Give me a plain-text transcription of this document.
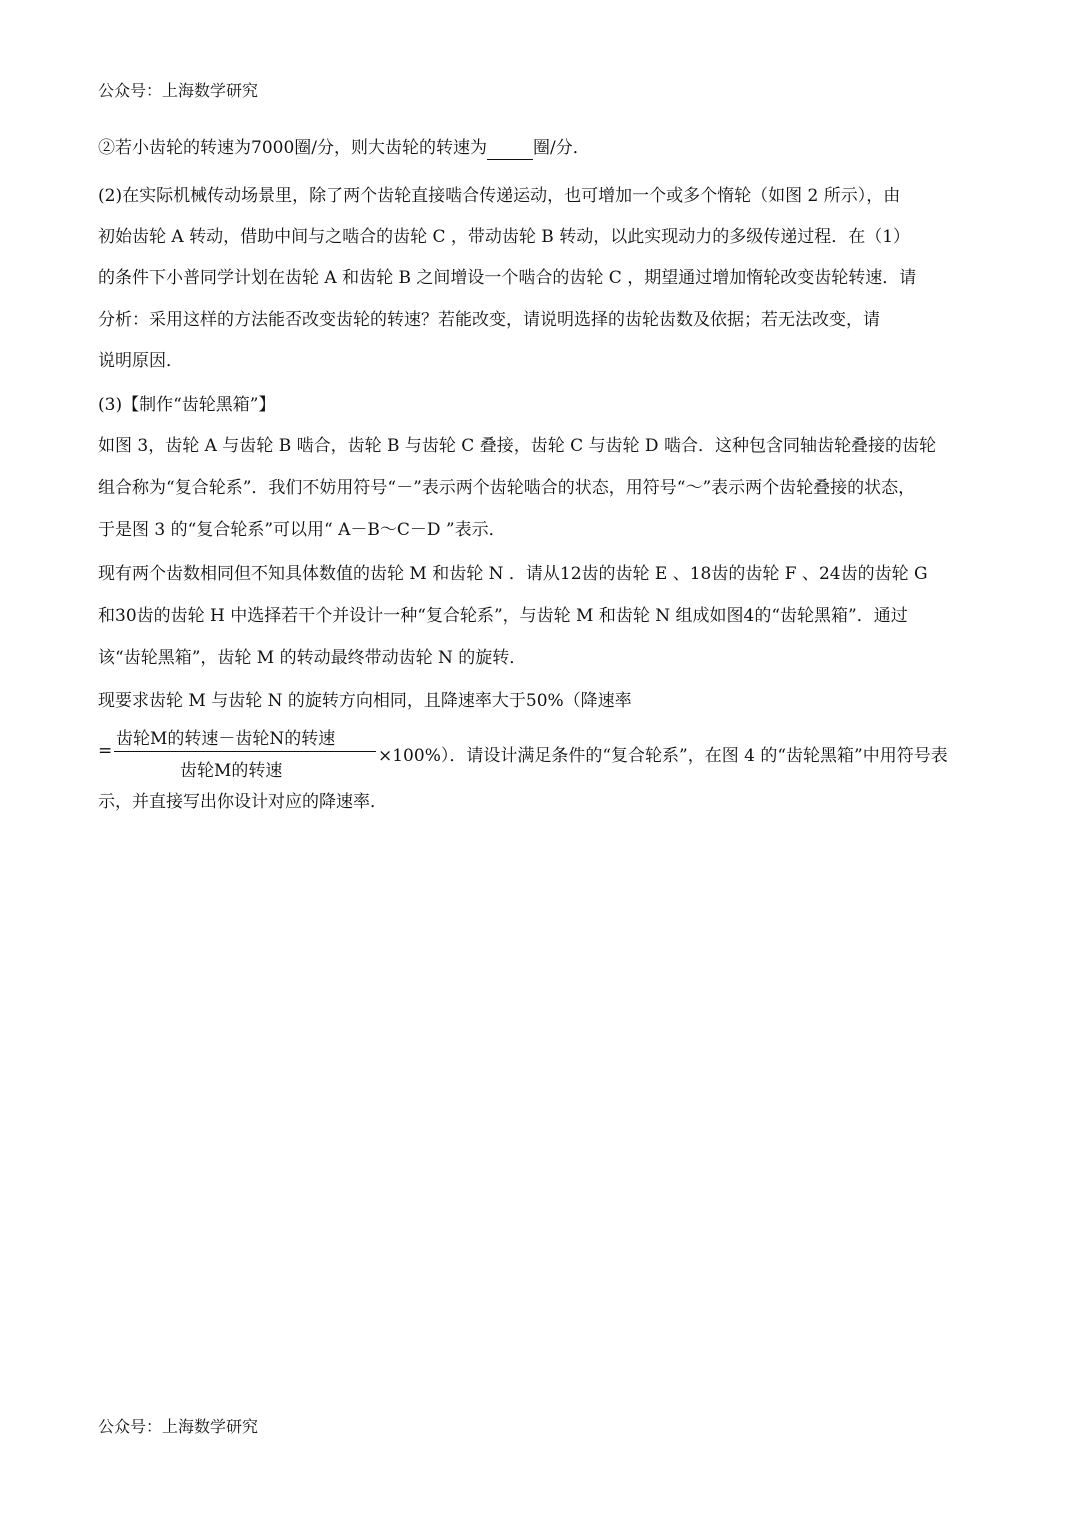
公众号：上海数学研究
②若小齿轮的转速为7000圈/分，则大齿轮的转速为	圈/分．
(2)在实际机械传动场景里，除了两个齿轮直接啮合传递运动，也可增加一个或多个惰轮（如图 2 所示），由
初始齿轮 A 转动，借助中间与之啮合的齿轮 C ，带动齿轮 B 转动，以此实现动力的多级传递过程．在（1）
的条件下小普同学计划在齿轮 A 和齿轮 B 之间增设一个啮合的齿轮 C ，期望通过增加惰轮改变齿轮转速．请
分析：采用这样的方法能否改变齿轮的转速？若能改变，请说明选择的齿轮齿数及依据；若无法改变，请
说明原因．
(3)【制作“齿轮黑箱”】
如图 3，齿轮 A 与齿轮 B 啮合，齿轮 B 与齿轮 C 叠接，齿轮 C 与齿轮 D 啮合．这种包含同轴齿轮叠接的齿轮
组合称为“复合轮系”．我们不妨用符号“－”表示两个齿轮啮合的状态，用符号“～”表示两个齿轮叠接的状态，
于是图 3 的“复合轮系”可以用“ A－B～C－D ”表示．
现有两个齿数相同但不知具体数值的齿轮 M 和齿轮 N ．请从12齿的齿轮 E 、18齿的齿轮 F 、24齿的齿轮 G
和30齿的齿轮 H 中选择若干个并设计一种“复合轮系”，与齿轮 M 和齿轮 N 组成如图4的“齿轮黑箱”．通过
该“齿轮黑箱”，齿轮 M 的转动最终带动齿轮 N 的旋转．
现要求齿轮 M 与齿轮 N 的旋转方向相同，且降速率大于50%（降速率
=
齿轮M的转速－齿轮N的转速
齿轮M的转速
×100%）．请设计满足条件的“复合轮系”，在图 4 的“齿轮黑箱”中用符号表
示，并直接写出你设计对应的降速率．
公众号：上海数学研究
